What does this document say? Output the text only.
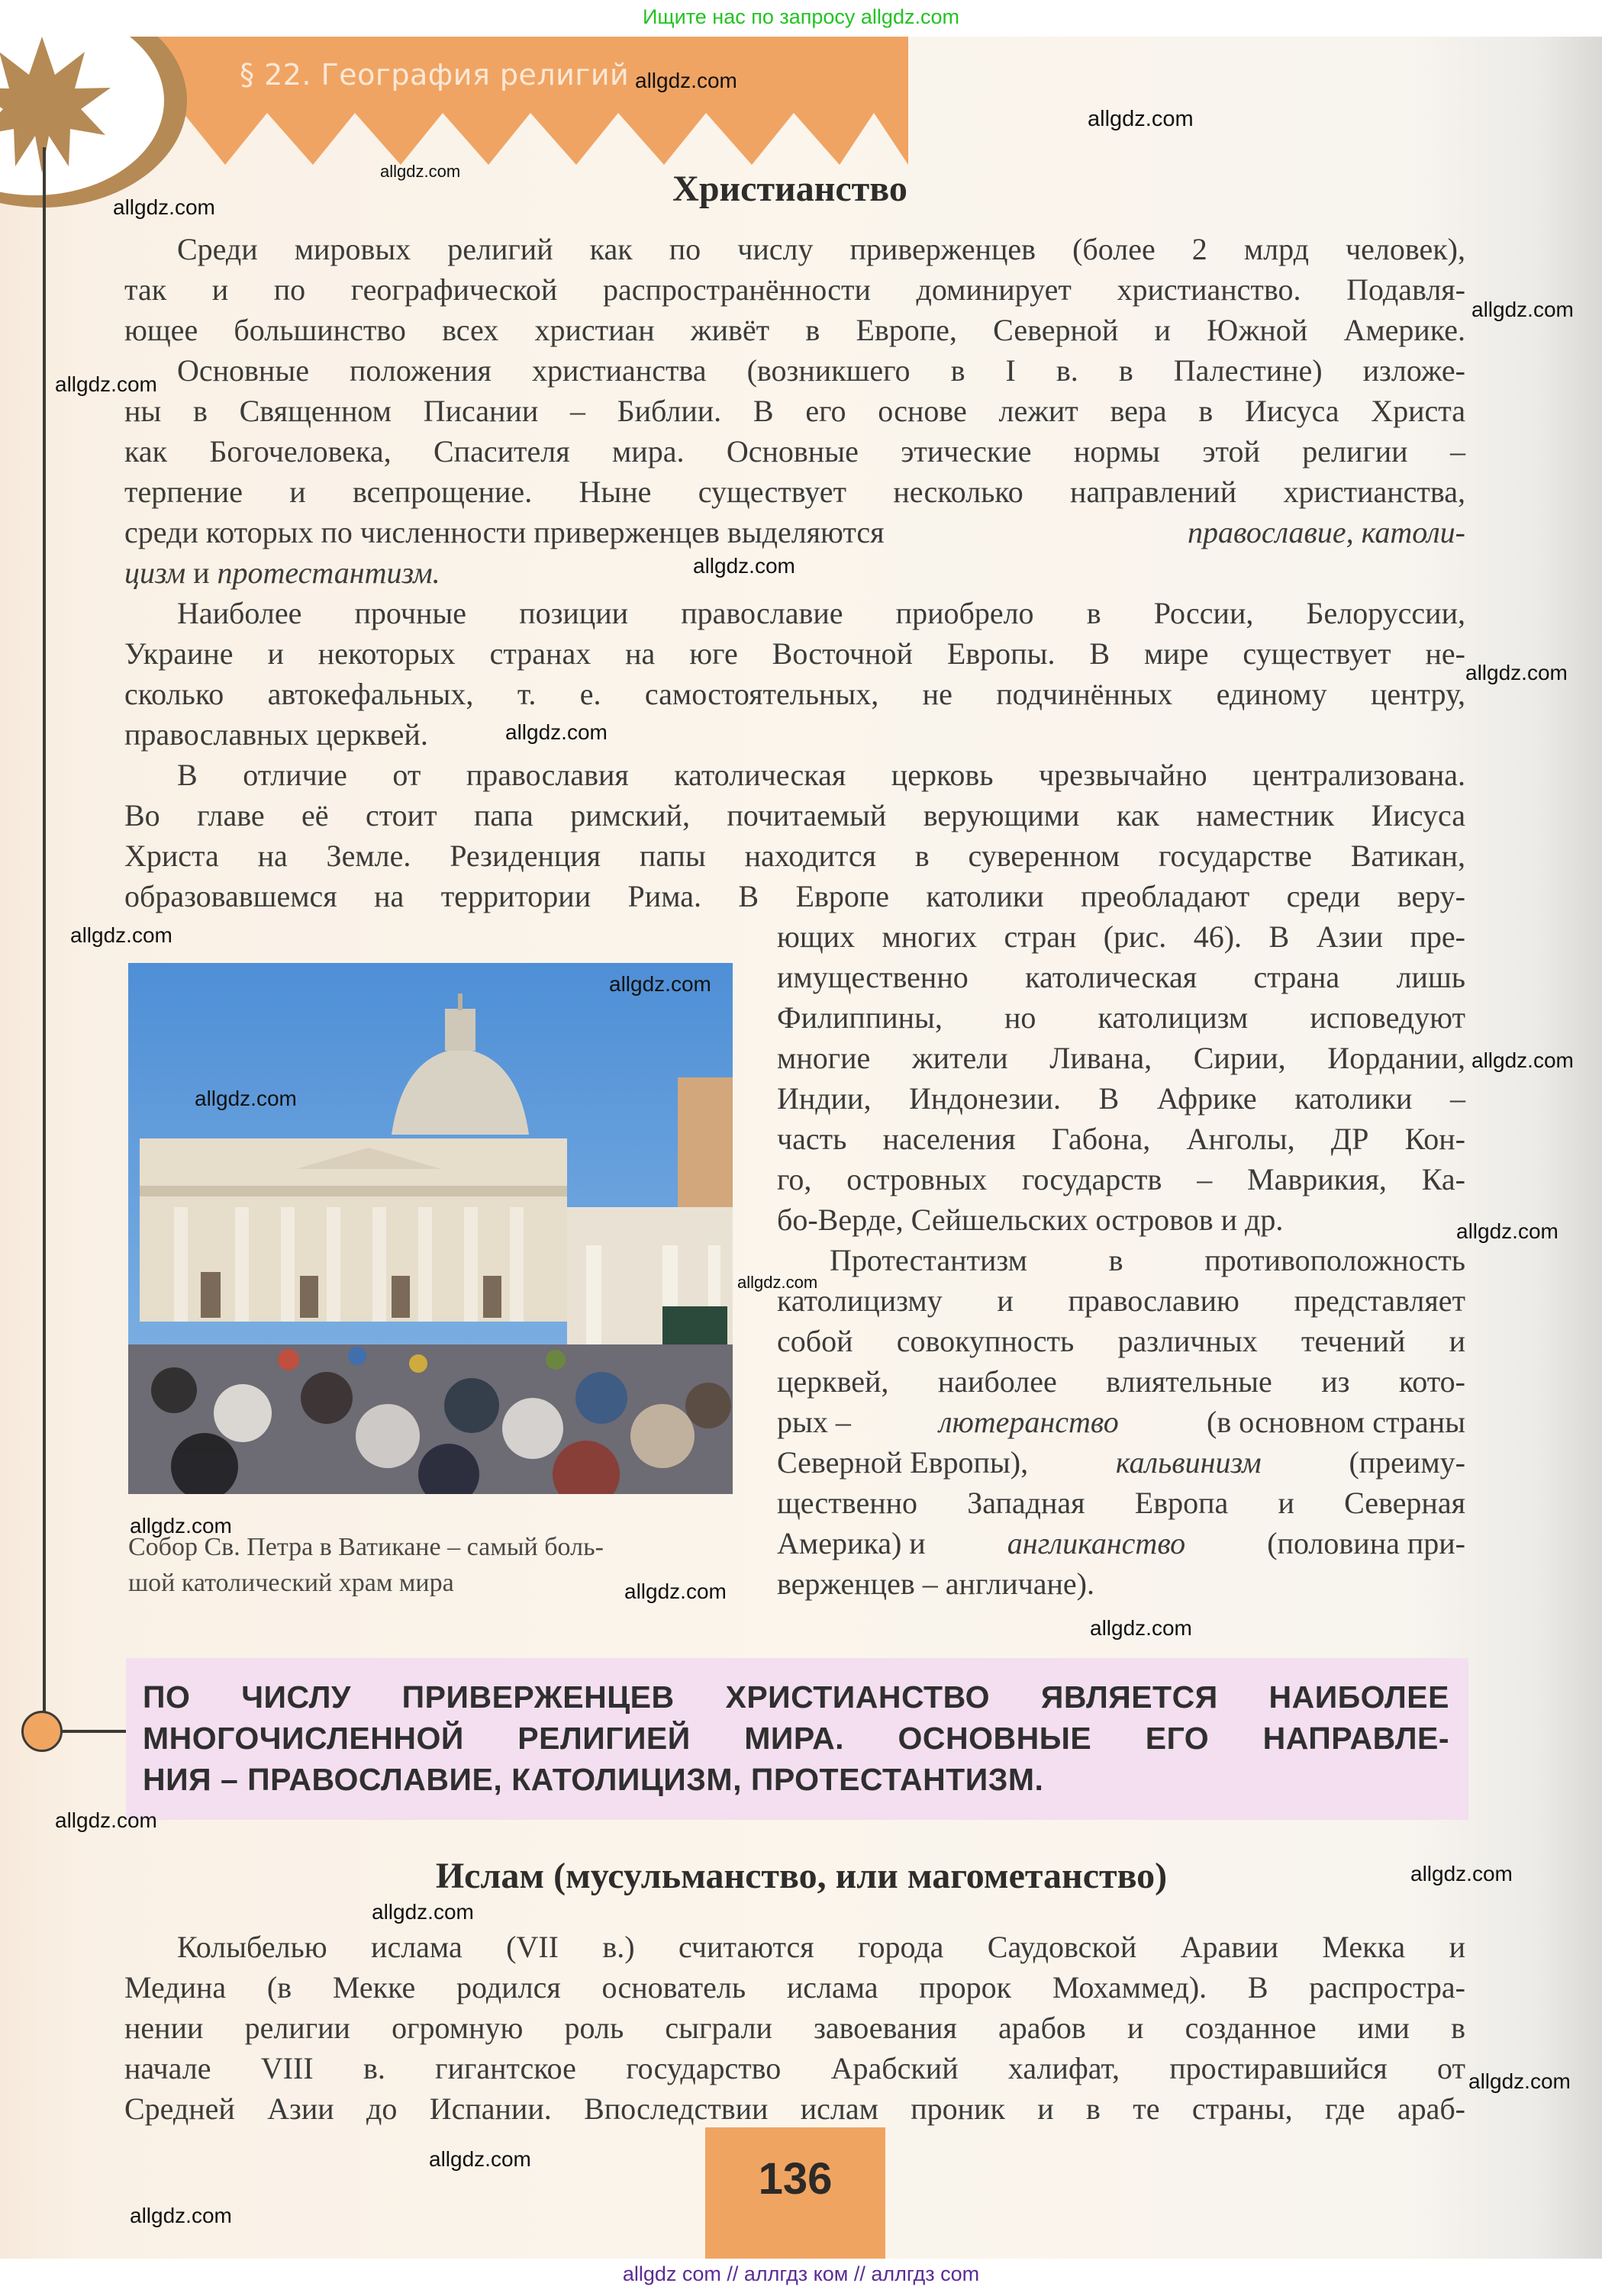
Ищите нас по запросу allgdz.com
§ 22. География религий
Христианство
Среди мировых религий как по числу приверженцев (более 2 млрд человек),
так и по географической распространённости доминирует христианство. Подавля-
ющее большинство всех христиан живёт в Европе, Северной и Южной Америке.
Основные положения христианства (возникшего в I в. в Палестине) изложе-
ны в Священном Писании – Библии. В его основе лежит вера в Иисуса Христа
как Богочеловека, Спасителя мира. Основные этические нормы этой религии –
терпение и всепрощение. Ныне существует несколько направлений христианства,
среди которых по численности приверженцев выделяются	православие, католи-
цизм и протестантизм.
Наиболее прочные позиции православие приобрело в России, Белоруссии,
Украине и некоторых странах на юге Восточной Европы. В мире существует не-
сколько автокефальных, т. е. самостоятельных, не подчинённых единому центру,
православных церквей.
В отличие от православия католическая церковь чрезвычайно централизована.
Во главе её стоит папа римский, почитаемый верующими как наместник Иисуса
Христа на Земле. Резиденция папы находится в суверенном государстве Ватикан,
образовавшемся на территории Рима. В Европе католики преобладают среди веру-
Собор Св. Петра в Ватикане – самый боль-
шой католический храм мира
ющих многих стран (рис. 46). В Азии пре-
имущественно католическая страна лишь
Филиппины, но католицизм исповедуют
многие жители Ливана, Сирии, Иордании,
Индии, Индонезии. В Африке католики –
часть населения Габона, Анголы, ДР Кон-
го, островных государств – Маврикия, Ка-
бо-Верде, Сейшельских островов и др.
Протестантизм в противоположность
католицизму и православию представляет
собой совокупность различных течений и
церквей, наиболее влиятельные из кото-
рых –	лютеранство	(в основном страны
Северной Европы),	кальвинизм	(преиму-
щественно Западная Европа и Северная
Америка) и	англиканство	(половина при-
верженцев – англичане).
ПО ЧИСЛУ ПРИВЕРЖЕНЦЕВ ХРИСТИАНСТВО ЯВЛЯЕТСЯ НАИБОЛЕЕ
МНОГОЧИСЛЕННОЙ РЕЛИГИЕЙ МИРА. ОСНОВНЫЕ ЕГО НАПРАВЛЕ-
НИЯ – ПРАВОСЛАВИЕ, КАТОЛИЦИЗМ, ПРОТЕСТАНТИЗМ.
Ислам (мусульманство, или магометанство)
Колыбелью ислама (VII в.) считаются города Саудовской Аравии Мекка и
Медина (в Мекке родился основатель ислама пророк Мохаммед). В распростра-
нении религии огромную роль сыграли завоевания арабов и созданное ими в
начале VIII в. гигантское государство Арабский халифат, простиравшийся от
Средней Азии до Испании. Впоследствии ислам проник и в те страны, где араб-
136
allgdz.com
allgdz.com
allgdz.com
allgdz.com
allgdz.com
allgdz.com
allgdz.com
allgdz.com
allgdz.com
allgdz.com
allgdz.com
allgdz.com
allgdz.com
allgdz.com
allgdz.com
allgdz.com
allgdz.com
allgdz.com
allgdz.com
allgdz.com
allgdz.com
allgdz.com
allgdz.com
allgdz.com
allgdz com // аллгдз ком // аллгдз com
